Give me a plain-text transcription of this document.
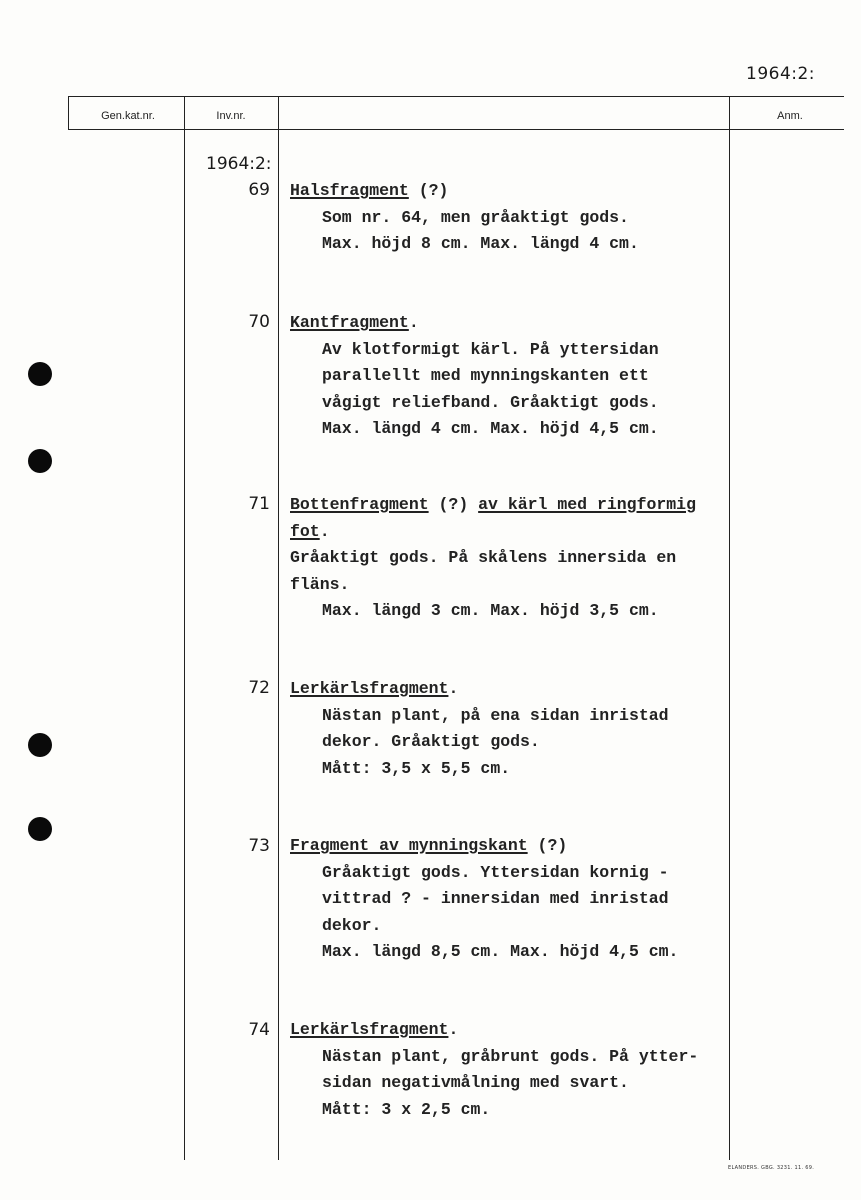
1964:2:
Gen.kat.nr.	Inv.nr.	Anm.
1964:2:
69 Halsfragment (?)
Som nr. 64, men gråaktigt gods.
Max. höjd 8 cm. Max. längd 4 cm.
70 Kantfragment.
Av klotformigt kärl. På yttersidan
parallellt med mynningskanten ett
vågigt reliefband. Gråaktigt gods.
Max. längd 4 cm. Max. höjd 4,5 cm.
71 Bottenfragment (?) av kärl med ringformig
fot.
Gråaktigt gods. På skålens innersida en
fläns.
Max. längd 3 cm. Max. höjd 3,5 cm.
72 Lerkärlsfragment.
Nästan plant, på ena sidan inristad
dekor. Gråaktigt gods.
Mått: 3,5 x 5,5 cm.
73 Fragment av mynningskant (?)
Gråaktigt gods. Yttersidan kornig -
vittrad ? - innersidan med inristad
dekor.
Max. längd 8,5 cm. Max. höjd 4,5 cm.
74 Lerkärlsfragment.
Nästan plant, gråbrunt gods. På ytter-
sidan negativmålning med svart.
Mått: 3 x 2,5 cm.
ELANDERS. GBG. 3231. 11. 69.
